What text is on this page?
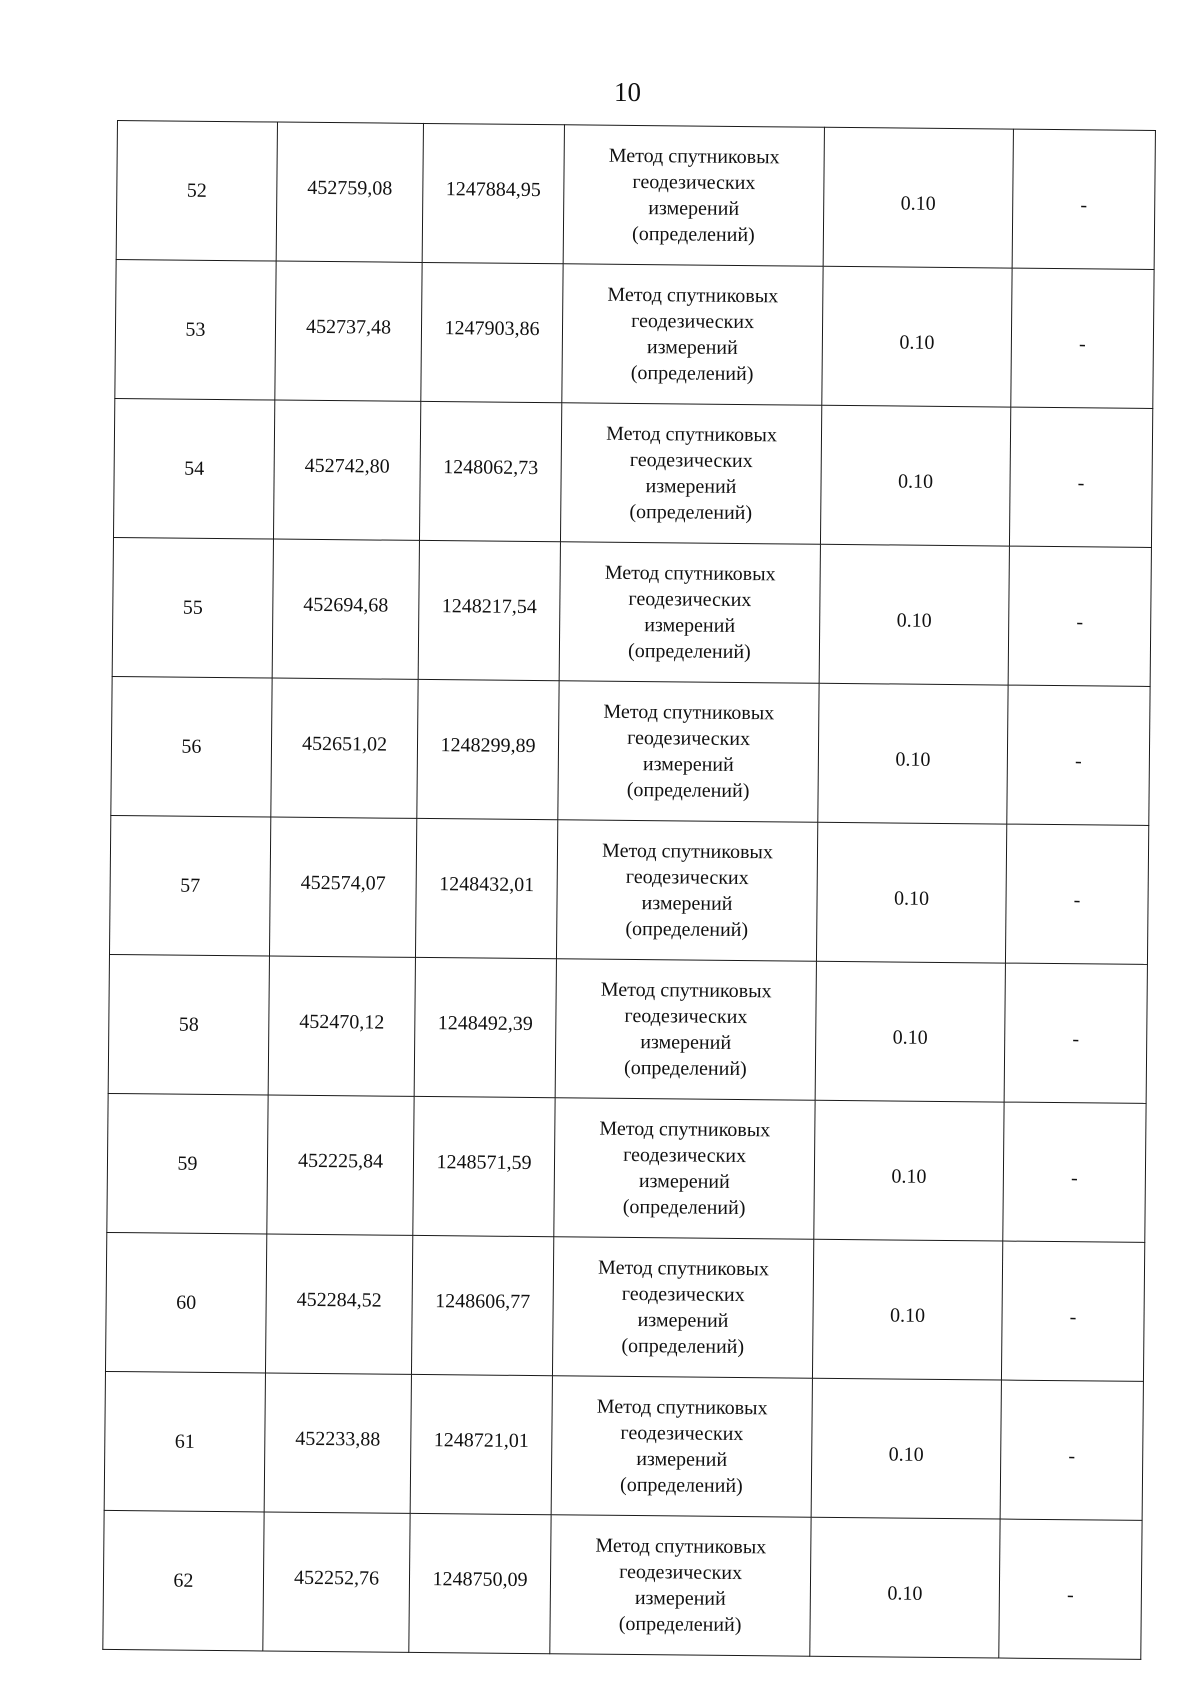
10
52	452759,08	1247884,95	Метод спутниковых
геодезических
измерений
(определений)	0.10	-
53	452737,48	1247903,86	Метод спутниковых
геодезических
измерений
(определений)	0.10	-
54	452742,80	1248062,73	Метод спутниковых
геодезических
измерений
(определений)	0.10	-
55	452694,68	1248217,54	Метод спутниковых
геодезических
измерений
(определений)	0.10	-
56	452651,02	1248299,89	Метод спутниковых
геодезических
измерений
(определений)	0.10	-
57	452574,07	1248432,01	Метод спутниковых
геодезических
измерений
(определений)	0.10	-
58	452470,12	1248492,39	Метод спутниковых
геодезических
измерений
(определений)	0.10	-
59	452225,84	1248571,59	Метод спутниковых
геодезических
измерений
(определений)	0.10	-
60	452284,52	1248606,77	Метод спутниковых
геодезических
измерений
(определений)	0.10	-
61	452233,88	1248721,01	Метод спутниковых
геодезических
измерений
(определений)	0.10	-
62	452252,76	1248750,09	Метод спутниковых
геодезических
измерений
(определений)	0.10	-
